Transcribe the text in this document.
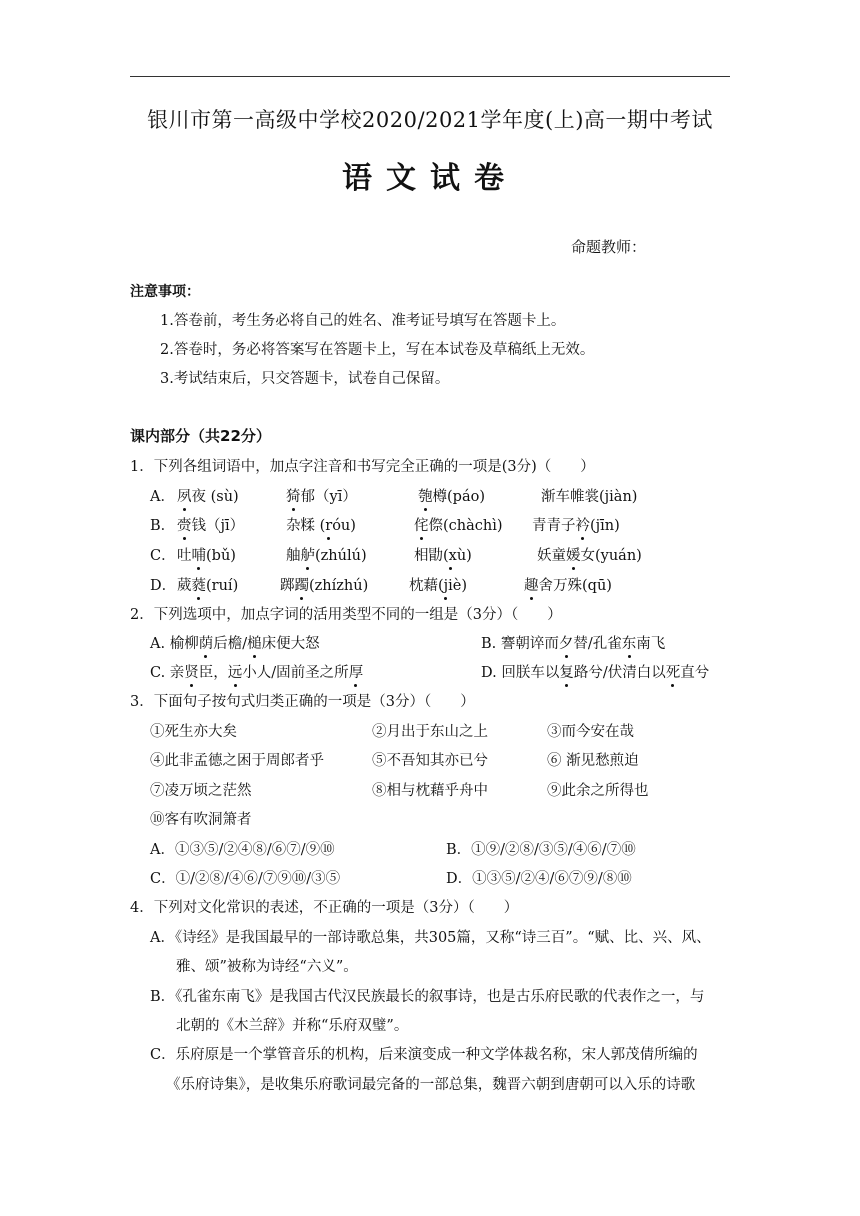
银川市第一高级中学校2020/2021学年度(上)高一期中考试
语文试卷
命题教师：
注意事项：
1.答卷前，考生务必将自己的姓名、准考证号填写在答题卡上。
2.答卷时，务必将答案写在答题卡上，写在本试卷及草稿纸上无效。
3.考试结束后，只交答题卡，试卷自己保留。
课内部分（共22分）
1．下列各组词语中，加点字注音和书写完全正确的一项是(3分)（　　）
A． 夙夜 (sù)	猗郁（yī）	匏樽(páo)	渐车帷裳(jiàn)
B． 赍钱（jī）	杂糅 (róu)	侘傺(chàchì) 青青子衿(jīn)
C． 吐哺(bǔ)	舳舻(zhúlú)	相勖(xù)	妖童媛女(yuán)
D． 葳蕤(ruí)	踯躅(zhízhú)	枕藉(jiè)	趣舍万殊(qū)
2．下列选项中，加点字词的活用类型不同的一组是（3分）（　　）
A. 榆柳荫后檐/槌床便大怒	B. 謇朝谇而夕替/孔雀东南飞
C. 亲贤臣，远小人/固前圣之所厚	D. 回朕车以复路兮/伏清白以死直兮
3．下面句子按句式归类正确的一项是（3分）（　　）
①死生亦大矣	②月出于东山之上	③而今安在哉
④此非孟德之困于周郎者乎	⑤不吾知其亦已兮	⑥ 渐见愁煎迫
⑦凌万顷之茫然	⑧相与枕藉乎舟中	⑨此余之所得也
⑩客有吹洞箫者
A．①③⑤/②④⑧/⑥⑦/⑨⑩	B．①⑨/②⑧/③⑤/④⑥/⑦⑩
C．①/②⑧/④⑥/⑦⑨⑩/③⑤	D．①③⑤/②④/⑥⑦⑨/⑧⑩
4．下列对文化常识的表述，不正确的一项是（3分）（　　）
A．《诗经》是我国最早的一部诗歌总集，共305篇，又称“诗三百”。“赋、比、兴、风、
雅、颂”被称为诗经“六义”。
B．《孔雀东南飞》是我国古代汉民族最长的叙事诗，也是古乐府民歌的代表作之一，与
北朝的《木兰辞》并称“乐府双璧”。
C．乐府原是一个掌管音乐的机构，后来演变成一种文学体裁名称，宋人郭茂倩所编的
《乐府诗集》，是收集乐府歌词最完备的一部总集，魏晋六朝到唐朝可以入乐的诗歌
